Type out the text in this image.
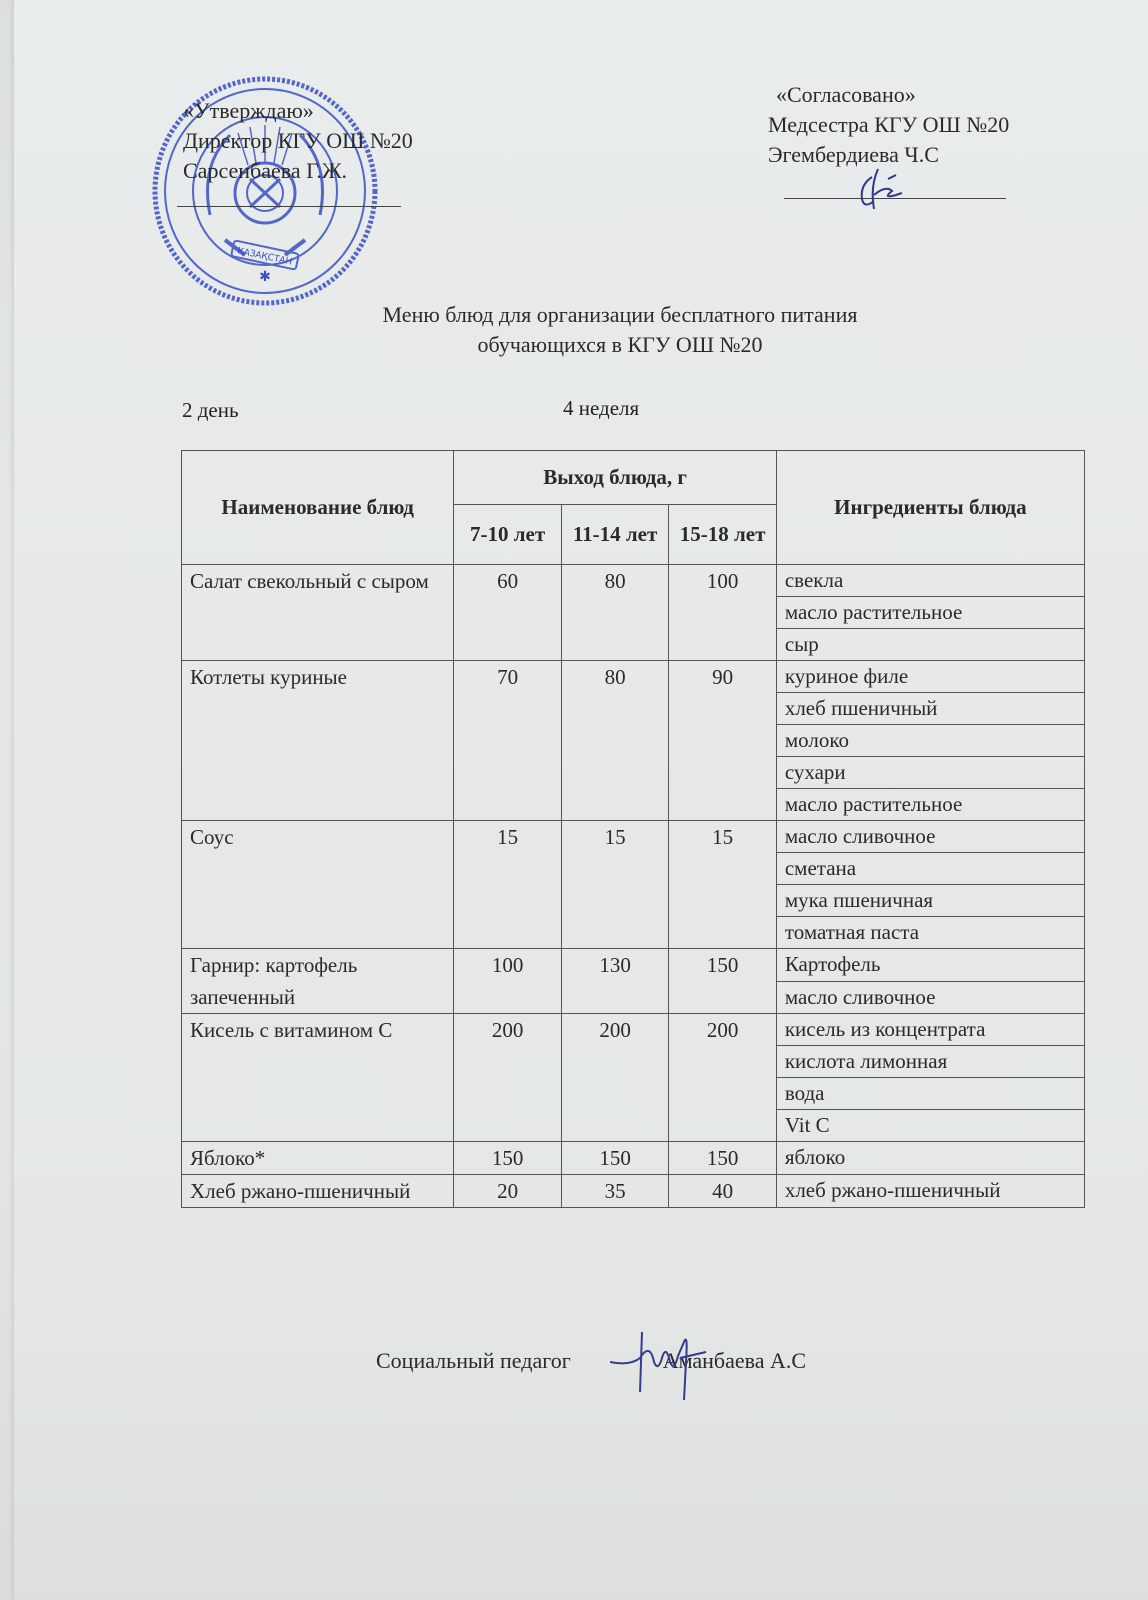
ҚАЗАҚСТАН
✱
«Утверждаю»
Директор КГУ ОШ №20
Сарсенбаева Г.Ж.
«Согласовано»
Медсестра КГУ ОШ №20
Эгембердиева Ч.С
Меню блюд для организации бесплатного питания
обучающихся в КГУ ОШ №20
2 день	4 неделя
Наименование блюд	Выход блюда, г			Ингредиенты блюда
	7-10 лет	11-14 лет	15-18 лет	
Салат свекольный с сыром	60	80	100	свекла
				масло растительное
				сыр
Котлеты куриные	70	80	90	куриное филе
				хлеб пшеничный
				молоко
				сухари
				масло растительное
Соус	15	15	15	масло сливочное
				сметана
				мука пшеничная
				томатная паста
Гарнир: картофель запеченный	100	130	150	Картофель
				масло сливочное
Кисель с витамином С	200	200	200	кисель из концентрата
				кислота лимонная
				вода
				Vit C
Яблоко*	150	150	150	яблоко
Хлеб ржано-пшеничный	20	35	40	хлеб ржано-пшеничный
Социальный педагог	Аманбаева А.С
